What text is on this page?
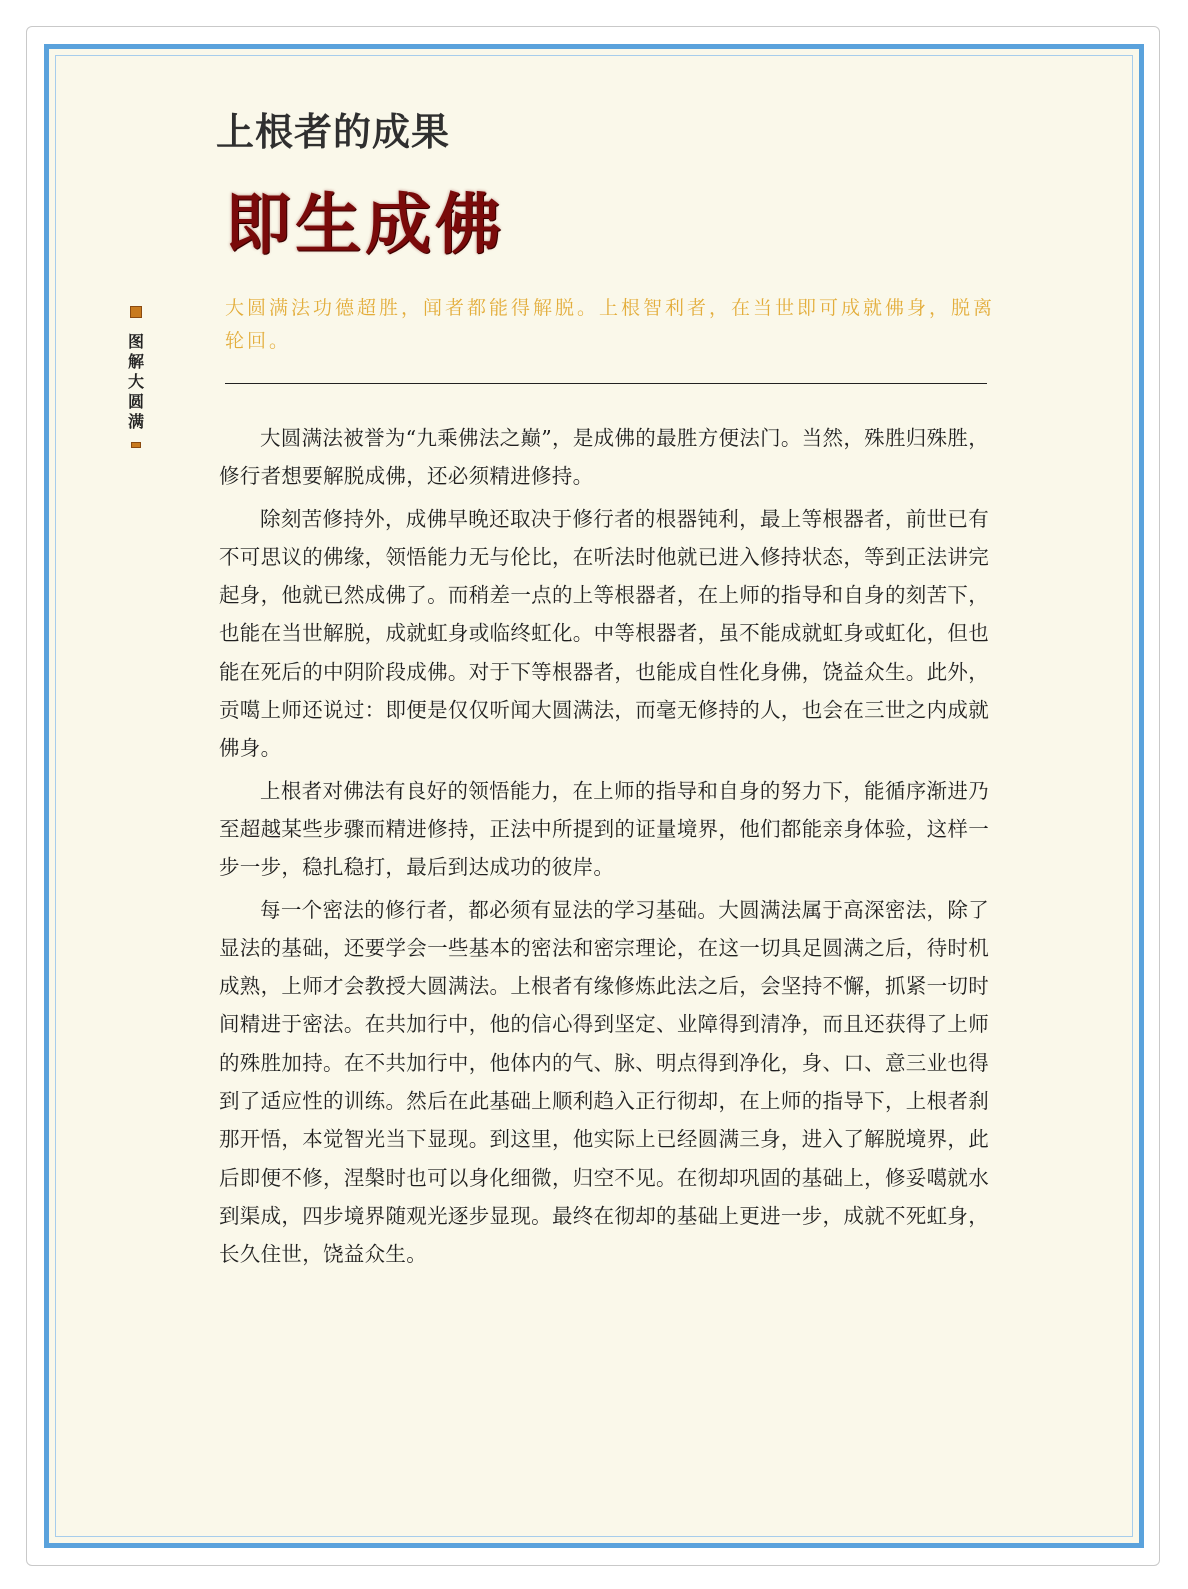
上根者的成果
即生成佛

大圆满法功德超胜，闻者都能得解脱。上根智利者，在当世即可成就佛身，脱离轮回。

图
解
大
圆
满

大圆满法被誉为“九乘佛法之巅”，是成佛的最胜方便法门。当然，殊胜归殊胜，修行者想要解脱成佛，还必须精进修持。

除刻苦修持外，成佛早晚还取决于修行者的根器钝利，最上等根器者，前世已有不可思议的佛缘，领悟能力无与伦比，在听法时他就已进入修持状态，等到正法讲完起身，他就已然成佛了。而稍差一点的上等根器者，在上师的指导和自身的刻苦下，也能在当世解脱，成就虹身或临终虹化。中等根器者，虽不能成就虹身或虹化，但也能在死后的中阴阶段成佛。对于下等根器者，也能成自性化身佛，饶益众生。此外，贡噶上师还说过：即便是仅仅听闻大圆满法，而毫无修持的人，也会在三世之内成就佛身。

上根者对佛法有良好的领悟能力，在上师的指导和自身的努力下，能循序渐进乃至超越某些步骤而精进修持，正法中所提到的证量境界，他们都能亲身体验，这样一步一步，稳扎稳打，最后到达成功的彼岸。

每一个密法的修行者，都必须有显法的学习基础。大圆满法属于高深密法，除了显法的基础，还要学会一些基本的密法和密宗理论，在这一切具足圆满之后，待时机成熟，上师才会教授大圆满法。上根者有缘修炼此法之后，会坚持不懈，抓紧一切时间精进于密法。在共加行中，他的信心得到坚定、业障得到清净，而且还获得了上师的殊胜加持。在不共加行中，他体内的气、脉、明点得到净化，身、口、意三业也得到了适应性的训练。然后在此基础上顺利趋入正行彻却，在上师的指导下，上根者刹那开悟，本觉智光当下显现。到这里，他实际上已经圆满三身，进入了解脱境界，此后即便不修，涅槃时也可以身化细微，归空不见。在彻却巩固的基础上，修妥噶就水到渠成，四步境界随观光逐步显现。最终在彻却的基础上更进一步，成就不死虹身，长久住世，饶益众生。
